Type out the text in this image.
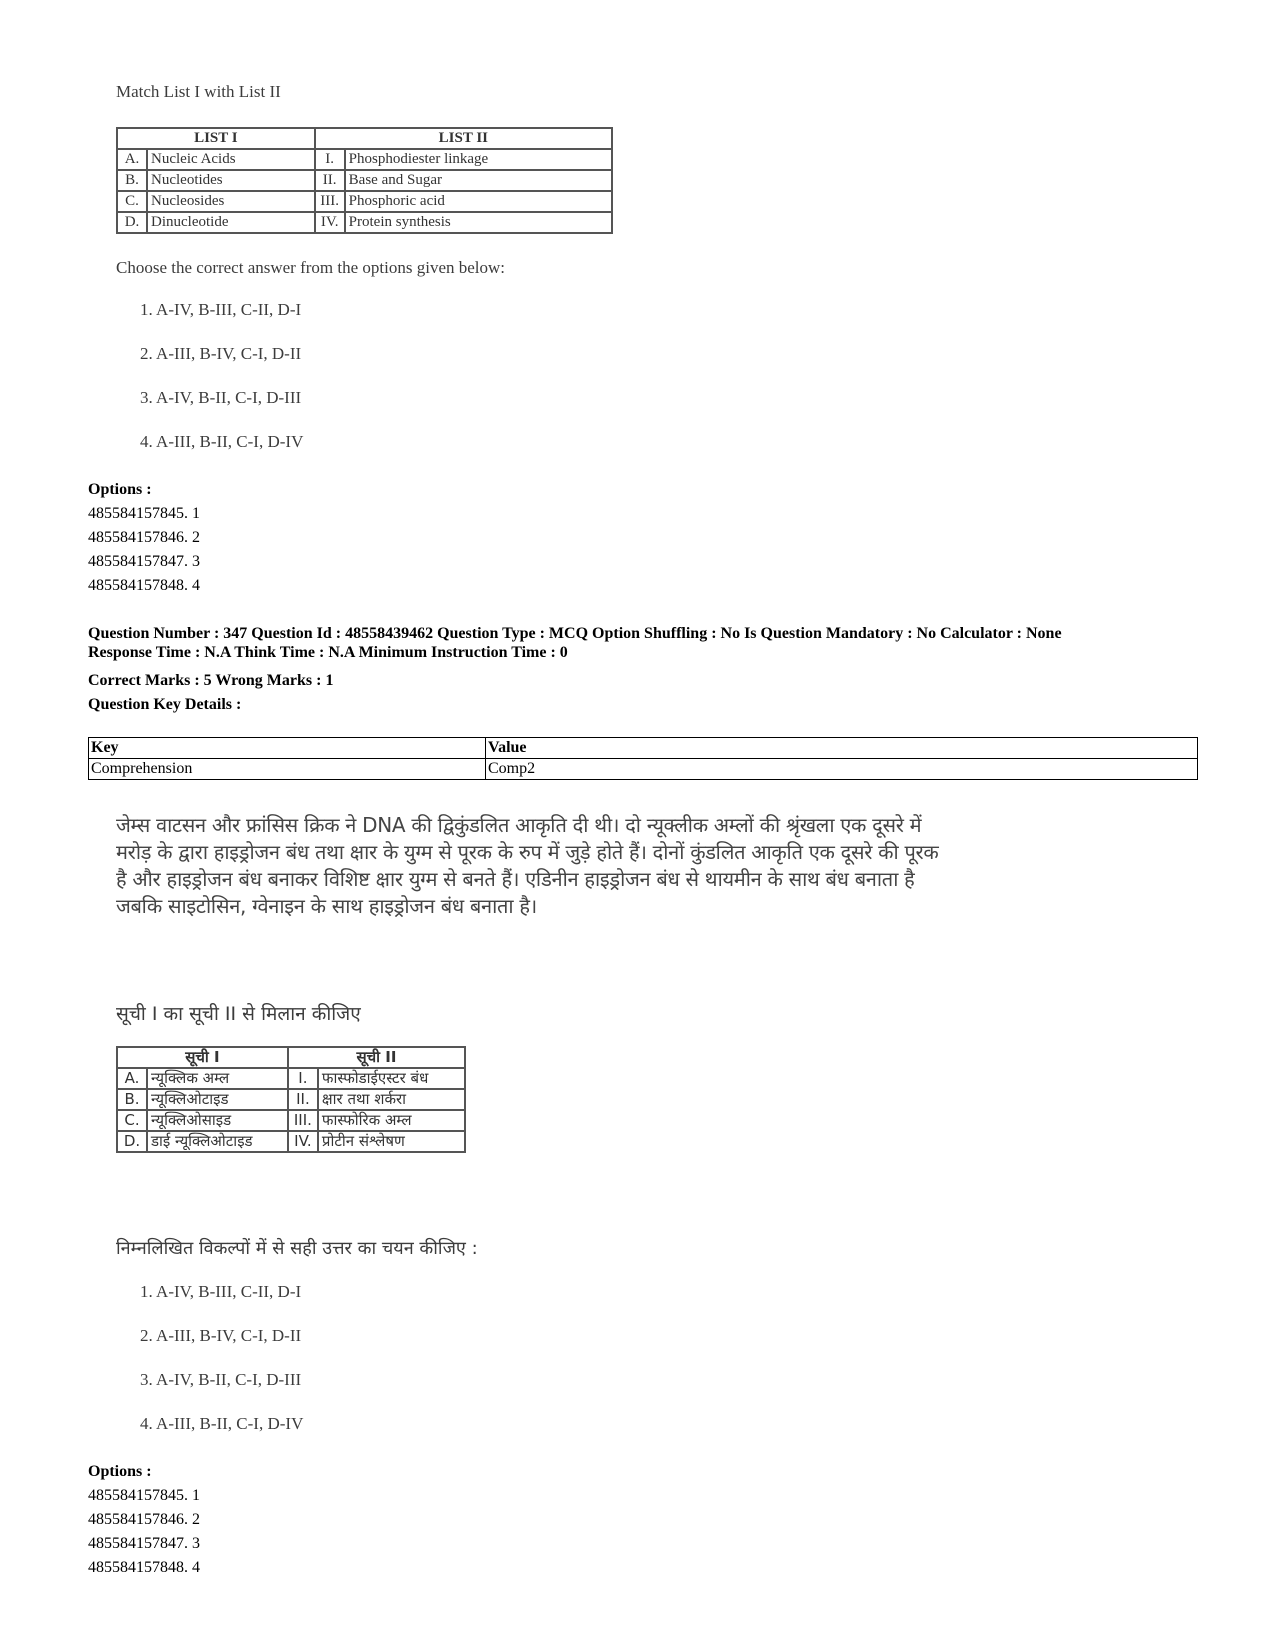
Match List I with List II
LIST I		LIST II	
A.	Nucleic Acids	I.	Phosphodiester linkage
B.	Nucleotides	II.	Base and Sugar
C.	Nucleosides	III.	Phosphoric acid
D.	Dinucleotide	IV.	Protein synthesis
Choose the correct answer from the options given below:

1. A-IV, B-III, C-II, D-I

2. A-III, B-IV, C-I, D-II

3. A-IV, B-II, C-I, D-III

4. A-III, B-II, C-I, D-IV

Options :
485584157845. 1
485584157846. 2
485584157847. 3
485584157848. 4
Question Number : 347 Question Id : 48558439462 Question Type : MCQ Option Shuffling : No Is Question Mandatory : No Calculator : None
Response Time : N.A Think Time : N.A Minimum Instruction Time : 0
Correct Marks : 5 Wrong Marks : 1
Question Key Details :
Key	Value
Comprehension	Comp2
जेम्स वाटसन और फ्रांसिस क्रिक ने DNA की द्विकुंडलित आकृति दी थी। दो न्यूक्लीक अम्लों की श्रृंखला एक दूसरे में
मरोड़ के द्वारा हाइड्रोजन बंध तथा क्षार के युग्म से पूरक के रुप में जुड़े होते हैं। दोनों कुंडलित आकृति एक दूसरे की पूरक
है और हाइड्रोजन बंध बनाकर विशिष्ट क्षार युग्म से बनते हैं। एडिनीन हाइड्रोजन बंध से थायमीन के साथ बंध बनाता है
जबकि साइटोसिन, ग्वेनाइन के साथ हाइड्रोजन बंध बनाता है।
सूची I का सूची II से मिलान कीजिए
सूची I		सूची II	
A.	न्यूक्लिक अम्ल	I.	फास्फोडाईएस्टर बंध
B.	न्यूक्लिओटाइड	II.	क्षार तथा शर्करा
C.	न्यूक्लिओसाइड	III.	फास्फोरिक अम्ल
D.	डाई न्यूक्लिओटाइड	IV.	प्रोटीन संश्लेषण
निम्नलिखित विकल्पों में से सही उत्तर का चयन कीजिए :

1. A-IV, B-III, C-II, D-I

2. A-III, B-IV, C-I, D-II

3. A-IV, B-II, C-I, D-III

4. A-III, B-II, C-I, D-IV

Options :
485584157845. 1
485584157846. 2
485584157847. 3
485584157848. 4
